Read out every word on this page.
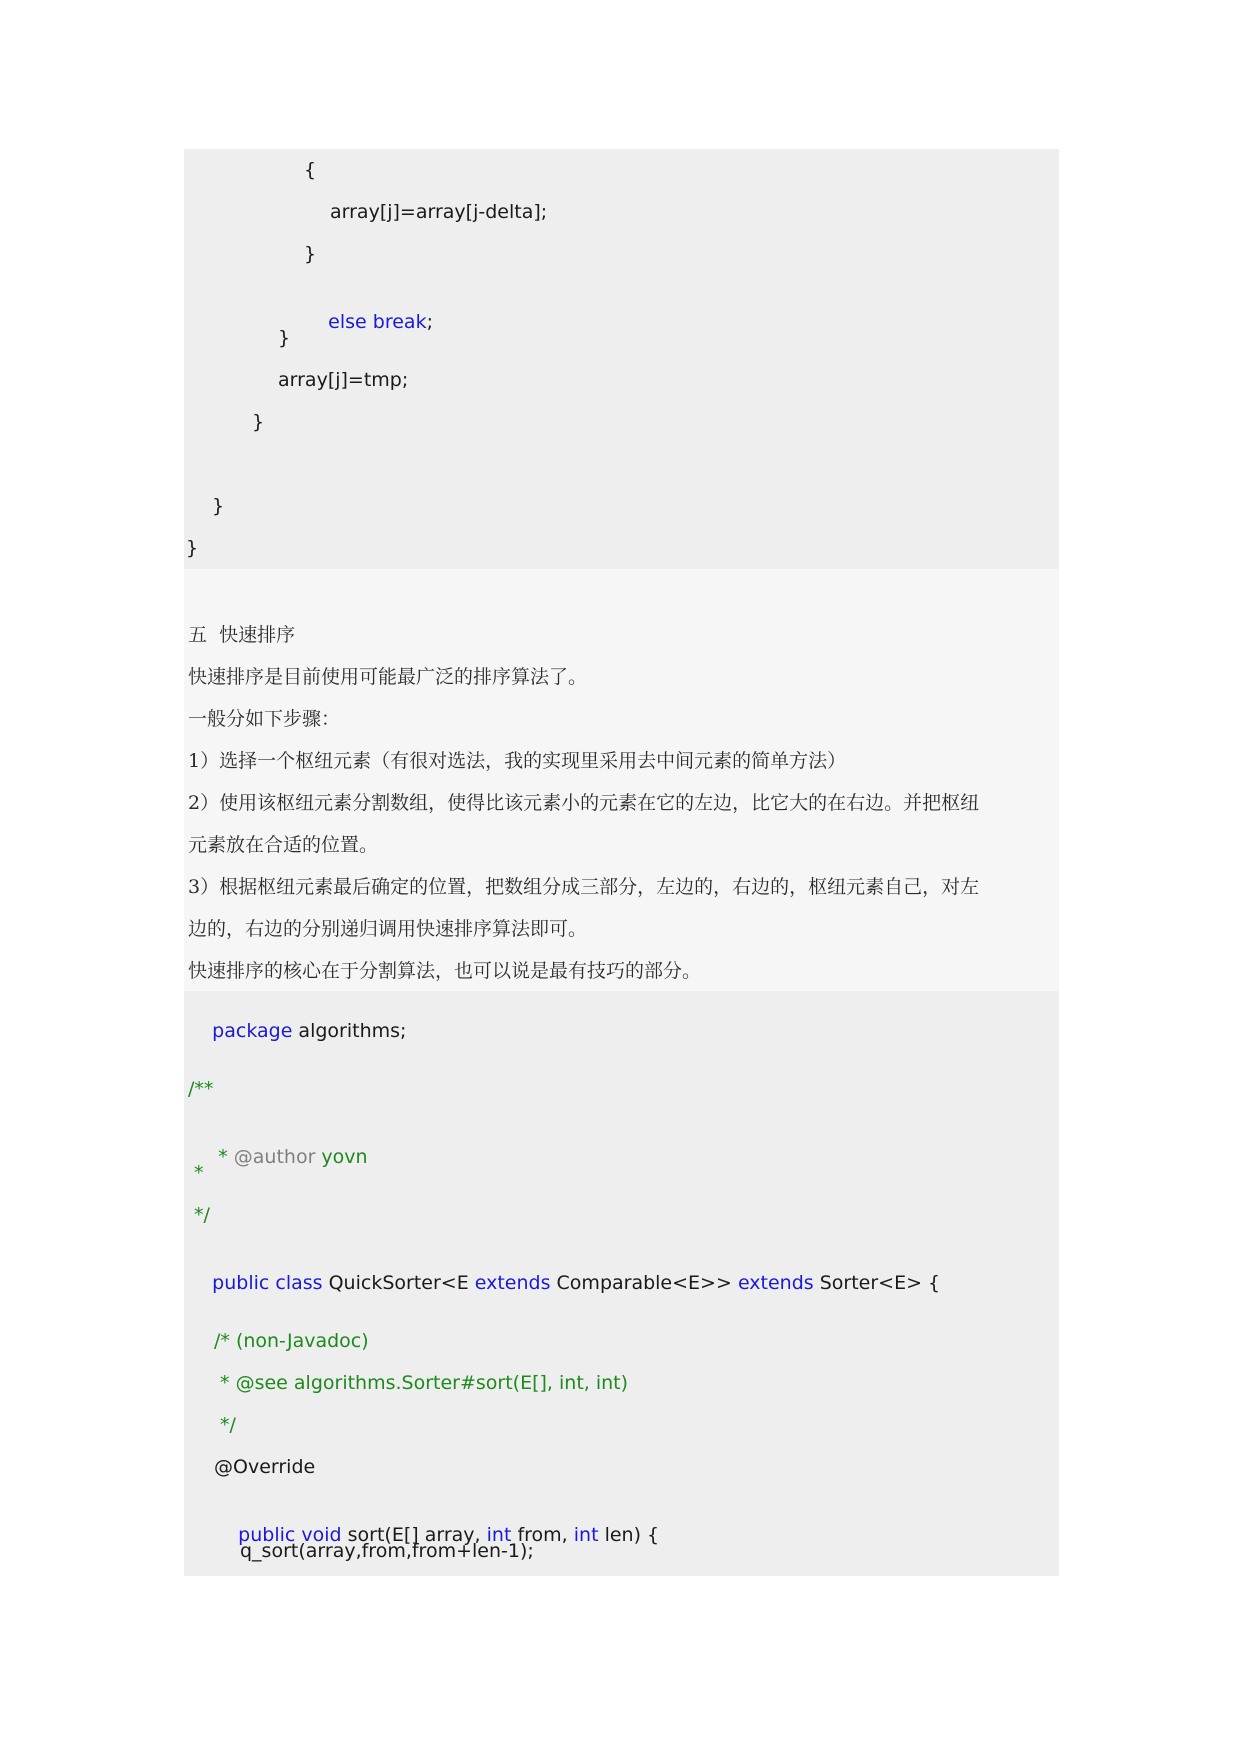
{
array[j]=array[j-delta];
}

else break;

}
array[j]=tmp;
}
}
}
五  快速排序
快速排序是目前使用可能最广泛的排序算法了。
一般分如下步骤：
1）选择一个枢纽元素（有很对选法，我的实现里采用去中间元素的简单方法）
2）使用该枢纽元素分割数组，使得比该元素小的元素在它的左边，比它大的在右边。并把枢纽
元素放在合适的位置。
3）根据枢纽元素最后确定的位置，把数组分成三部分，左边的，右边的，枢纽元素自己，对左
边的，右边的分别递归调用快速排序算法即可。
快速排序的核心在于分割算法，也可以说是最有技巧的部分。

package algorithms;

/**

* @author yovn

*
*/

public class QuickSorter<E extends Comparable<E>> extends Sorter<E> {

/* (non-Javadoc)
* @see algorithms.Sorter#sort(E[], int, int)
*/
@Override

public void sort(E[] array, int from, int len) {

q_sort(array,from,from+len-1);
